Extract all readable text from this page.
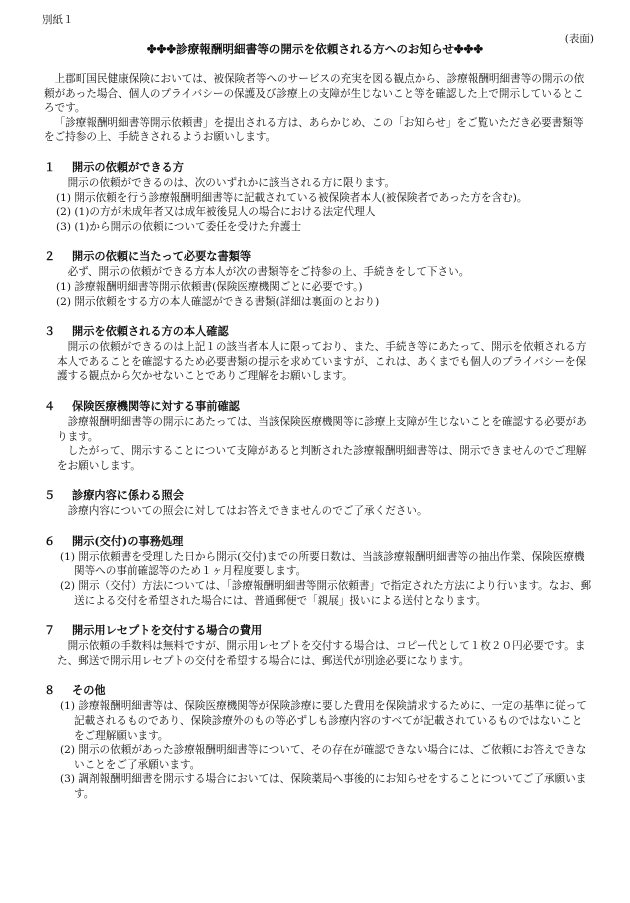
別紙１
(表面)
✤✤✤診療報酬明細書等の開示を依頼される方へのお知らせ✤✤✤

上郡町国民健康保険においては、被保険者等へのサービスの充実を図る観点から、診療報酬明細書等の開示の依頼があった場合、個人のプライバシーの保護及び診療上の支障が生じないこと等を確認した上で開示しているところです。

「診療報酬明細書等開示依頼書」を提出される方は、あらかじめ、この「お知らせ」をご覧いただき必要書類等をご持参の上、手続きされるようお願いします。

１ 開示の依頼ができる方

開示の依頼ができるのは、次のいずれかに該当される方に限ります。

(1) 開示依頼を行う診療報酬明細書等に記載されている被保険者本人(被保険者であった方を含む)。

(2) (1)の方が未成年者又は成年被後見人の場合における法定代理人

(3) (1)から開示の依頼について委任を受けた弁護士

２ 開示の依頼に当たって必要な書類等

必ず、開示の依頼ができる方本人が次の書類等をご持参の上、手続きをして下さい。

(1) 診療報酬明細書等開示依頼書(保険医療機関ごとに必要です。)

(2) 開示依頼をする方の本人確認ができる書類(詳細は裏面のとおり)

３ 開示を依頼される方の本人確認

開示の依頼ができるのは上記１の該当者本人に限っており、また、手続き等にあたって、開示を依頼される方本人であることを確認するため必要書類の提示を求めていますが、これは、あくまでも個人のプライバシーを保護する観点から欠かせないことでありご理解をお願いします。

４ 保険医療機関等に対する事前確認

診療報酬明細書等の開示にあたっては、当該保険医療機関等に診療上支障が生じないことを確認する必要があります。

したがって、開示することについて支障があると判断された診療報酬明細書等は、開示できませんのでご理解をお願いします。

５ 診療内容に係わる照会

診療内容についての照会に対してはお答えできませんのでご了承ください。

６ 開示(交付)の事務処理

(1) 開示依頼書を受理した日から開示(交付)までの所要日数は、当該診療報酬明細書等の抽出作業、保険医療機関等への事前確認等のため１ヶ月程度要します。

(2) 開示（交付）方法については、「診療報酬明細書等開示依頼書」で指定された方法により行います。なお、郵送による交付を希望された場合には、普通郵便で「親展」扱いによる送付となります。

７ 開示用レセプトを交付する場合の費用

開示依頼の手数料は無料ですが、開示用レセプトを交付する場合は、コピー代として１枚２０円必要です。また、郵送で開示用レセプトの交付を希望する場合には、郵送代が別途必要になります。

８ その他

(1) 診療報酬明細書等は、保険医療機関等が保険診療に要した費用を保険請求するために、一定の基準に従って記載されるものであり、保険診療外のもの等必ずしも診療内容のすべてが記載されているものではないことをご理解願います。

(2) 開示の依頼があった診療報酬明細書等について、その存在が確認できない場合には、ご依頼にお答えできないことをご了承願います。

(3) 調剤報酬明細書を開示する場合においては、保険薬局へ事後的にお知らせをすることについてご了承願います。
